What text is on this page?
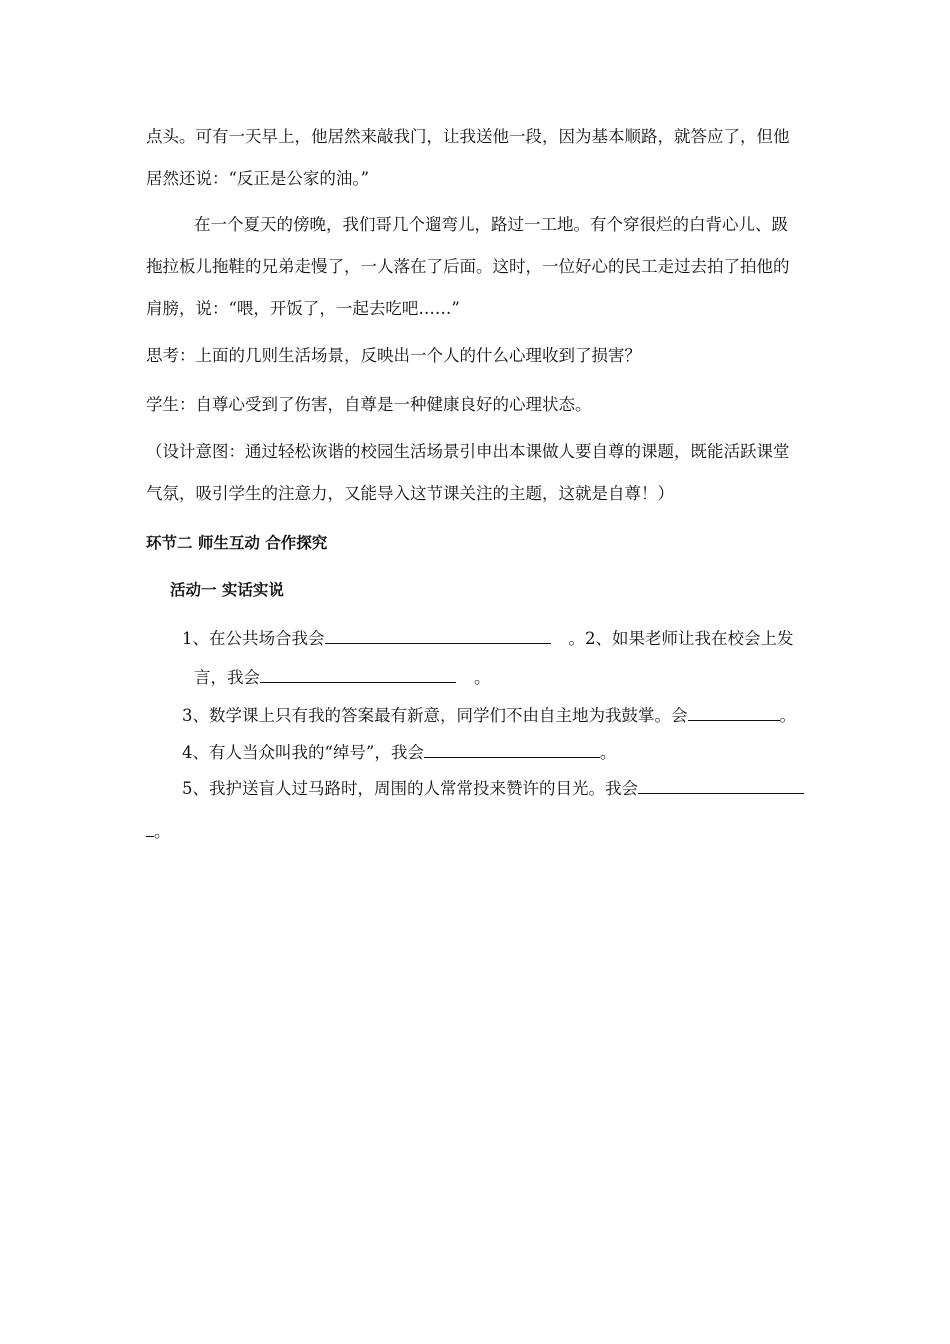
点头。可有一天早上，他居然来敲我门，让我送他一段，因为基本顺路，就答应了，但他
居然还说：“反正是公家的油。”
在一个夏天的傍晚，我们哥几个遛弯儿，路过一工地。有个穿很烂的白背心儿、趿
拖拉板儿拖鞋的兄弟走慢了，一人落在了后面。这时，一位好心的民工走过去拍了拍他的
肩膀，说：“喂，开饭了，一起去吃吧……”
思考：上面的几则生活场景，反映出一个人的什么心理收到了损害？
学生：自尊心受到了伤害，自尊是一种健康良好的心理状态。
（设计意图：通过轻松诙谐的校园生活场景引申出本课做人要自尊的课题，既能活跃课堂
气氛，吸引学生的注意力，又能导入这节课关注的主题，这就是自尊！）
环节二 师生互动 合作探究
活动一 实话实说
1、在公共场合我会	。2、如果老师让我在校会上发
言，我会	。
3、数学课上只有我的答案最有新意，同学们不由自主地为我鼓掌。会	。
4、有人当众叫我的“绰号”，我会	。
5、我护送盲人过马路时，周围的人常常投来赞许的目光。我会
。
